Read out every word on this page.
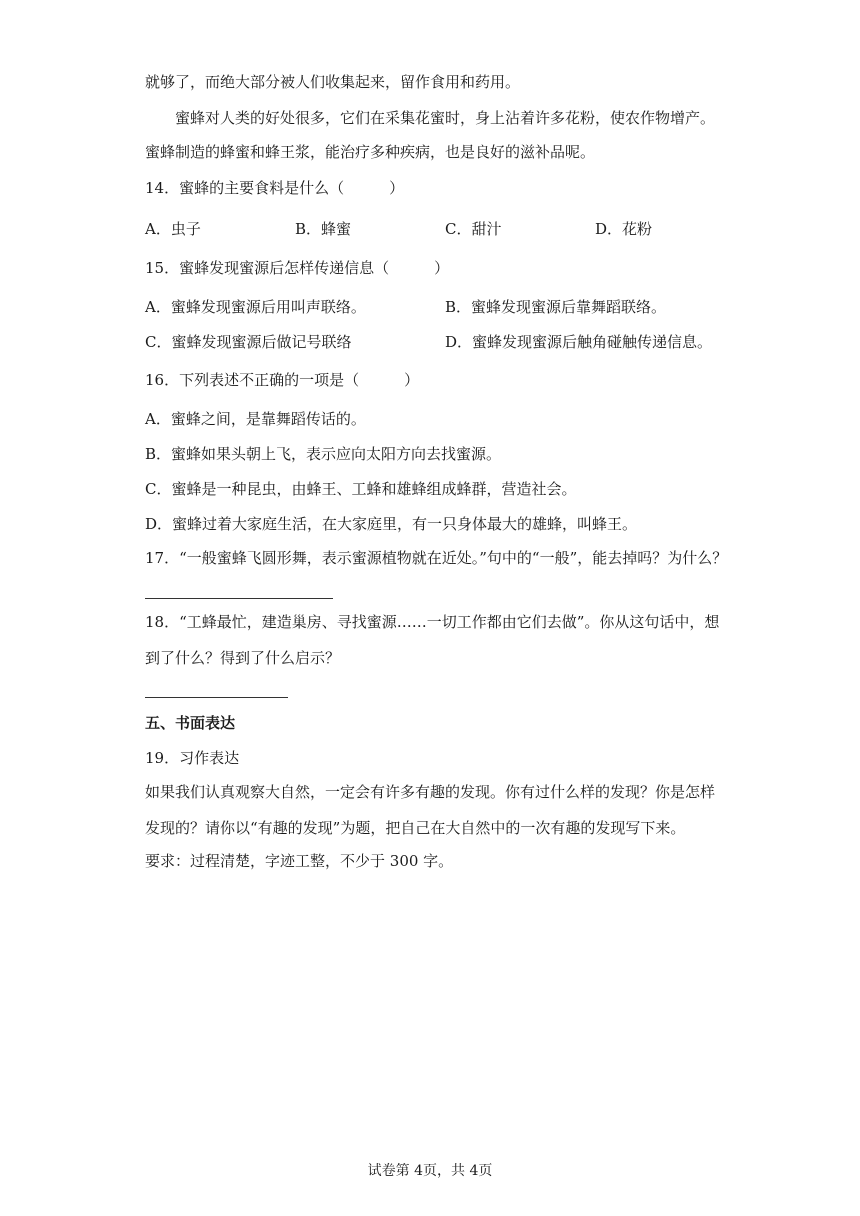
就够了，而绝大部分被人们收集起来，留作食用和药用。
蜜蜂对人类的好处很多，它们在采集花蜜时，身上沾着许多花粉，使农作物增产。
蜜蜂制造的蜂蜜和蜂王浆，能治疗多种疾病，也是良好的滋补品呢。
14．蜜蜂的主要食料是什么（　　　）
A．虫子	B．蜂蜜	C．甜汁	D．花粉
15．蜜蜂发现蜜源后怎样传递信息（　　　）
A．蜜蜂发现蜜源后用叫声联络。	B．蜜蜂发现蜜源后靠舞蹈联络。
C．蜜蜂发现蜜源后做记号联络	D．蜜蜂发现蜜源后触角碰触传递信息。
16．下列表述不正确的一项是（　　　）
A．蜜蜂之间，是靠舞蹈传话的。
B．蜜蜂如果头朝上飞，表示应向太阳方向去找蜜源。
C．蜜蜂是一种昆虫，由蜂王、工蜂和雄蜂组成蜂群，营造社会。
D．蜜蜂过着大家庭生活，在大家庭里，有一只身体最大的雄蜂，叫蜂王。
17．“一般蜜蜂飞圆形舞，表示蜜源植物就在近处。”句中的“一般”，能去掉吗？为什么？
18．“工蜂最忙，建造巢房、寻找蜜源……一切工作都由它们去做”。你从这句话中，想
到了什么？得到了什么启示？
五、书面表达
19．习作表达
如果我们认真观察大自然，一定会有许多有趣的发现。你有过什么样的发现？你是怎样
发现的？请你以“有趣的发现”为题，把自己在大自然中的一次有趣的发现写下来。
要求：过程清楚，字迹工整，不少于 300 字。
试卷第 4页，共 4页
